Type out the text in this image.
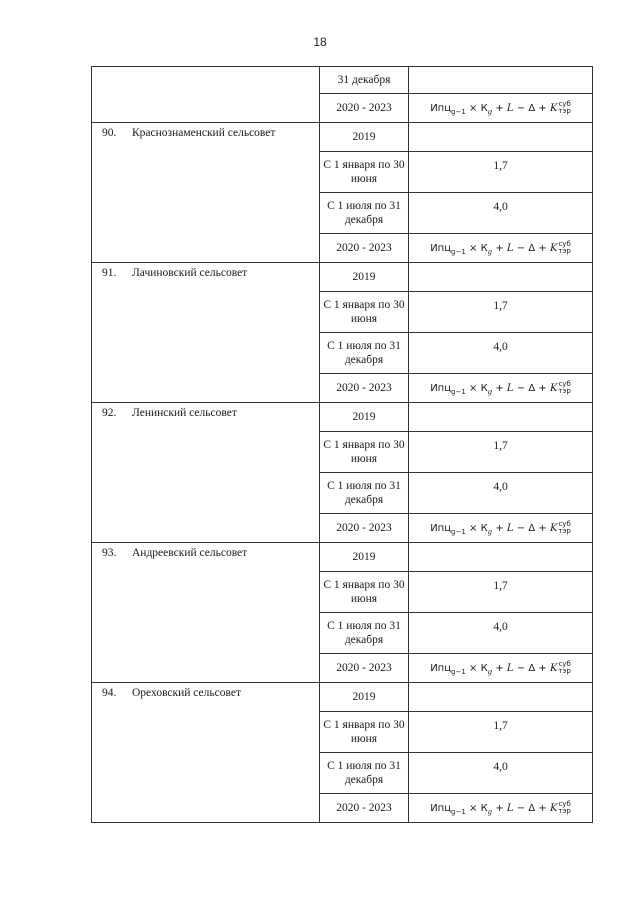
18
	31 декабря	
	2020 - 2023	$Ипц_{g-1} \times К_g + L - \Delta + K$ суб
тэр

90. Краснознаменский сельсовет	2019	
	С 1 января по 30 июня	1,7
	С 1 июля по 31 декабря	4,0
	2020 - 2023	$Ипц_{g-1} \times К_g + L - \Delta + K$ суб
тэр

91. Лачиновский сельсовет	2019	
	С 1 января по 30 июня	1,7
	С 1 июля по 31 декабря	4,0
	2020 - 2023	$Ипц_{g-1} \times К_g + L - \Delta + K$ суб
тэр

92. Ленинский сельсовет	2019	
	С 1 января по 30 июня	1,7
	С 1 июля по 31 декабря	4,0
	2020 - 2023	$Ипц_{g-1} \times К_g + L - \Delta + K$ суб
тэр

93. Андреевский сельсовет	2019	
	С 1 января по 30 июня	1,7
	С 1 июля по 31 декабря	4,0
	2020 - 2023	$Ипц_{g-1} \times К_g + L - \Delta + K$ суб
тэр

94. Ореховский сельсовет	2019	
	С 1 января по 30 июня	1,7
	С 1 июля по 31 декабря	4,0
	2020 - 2023	$Ипц_{g-1} \times К_g + L - \Delta + K$ суб
тэр
